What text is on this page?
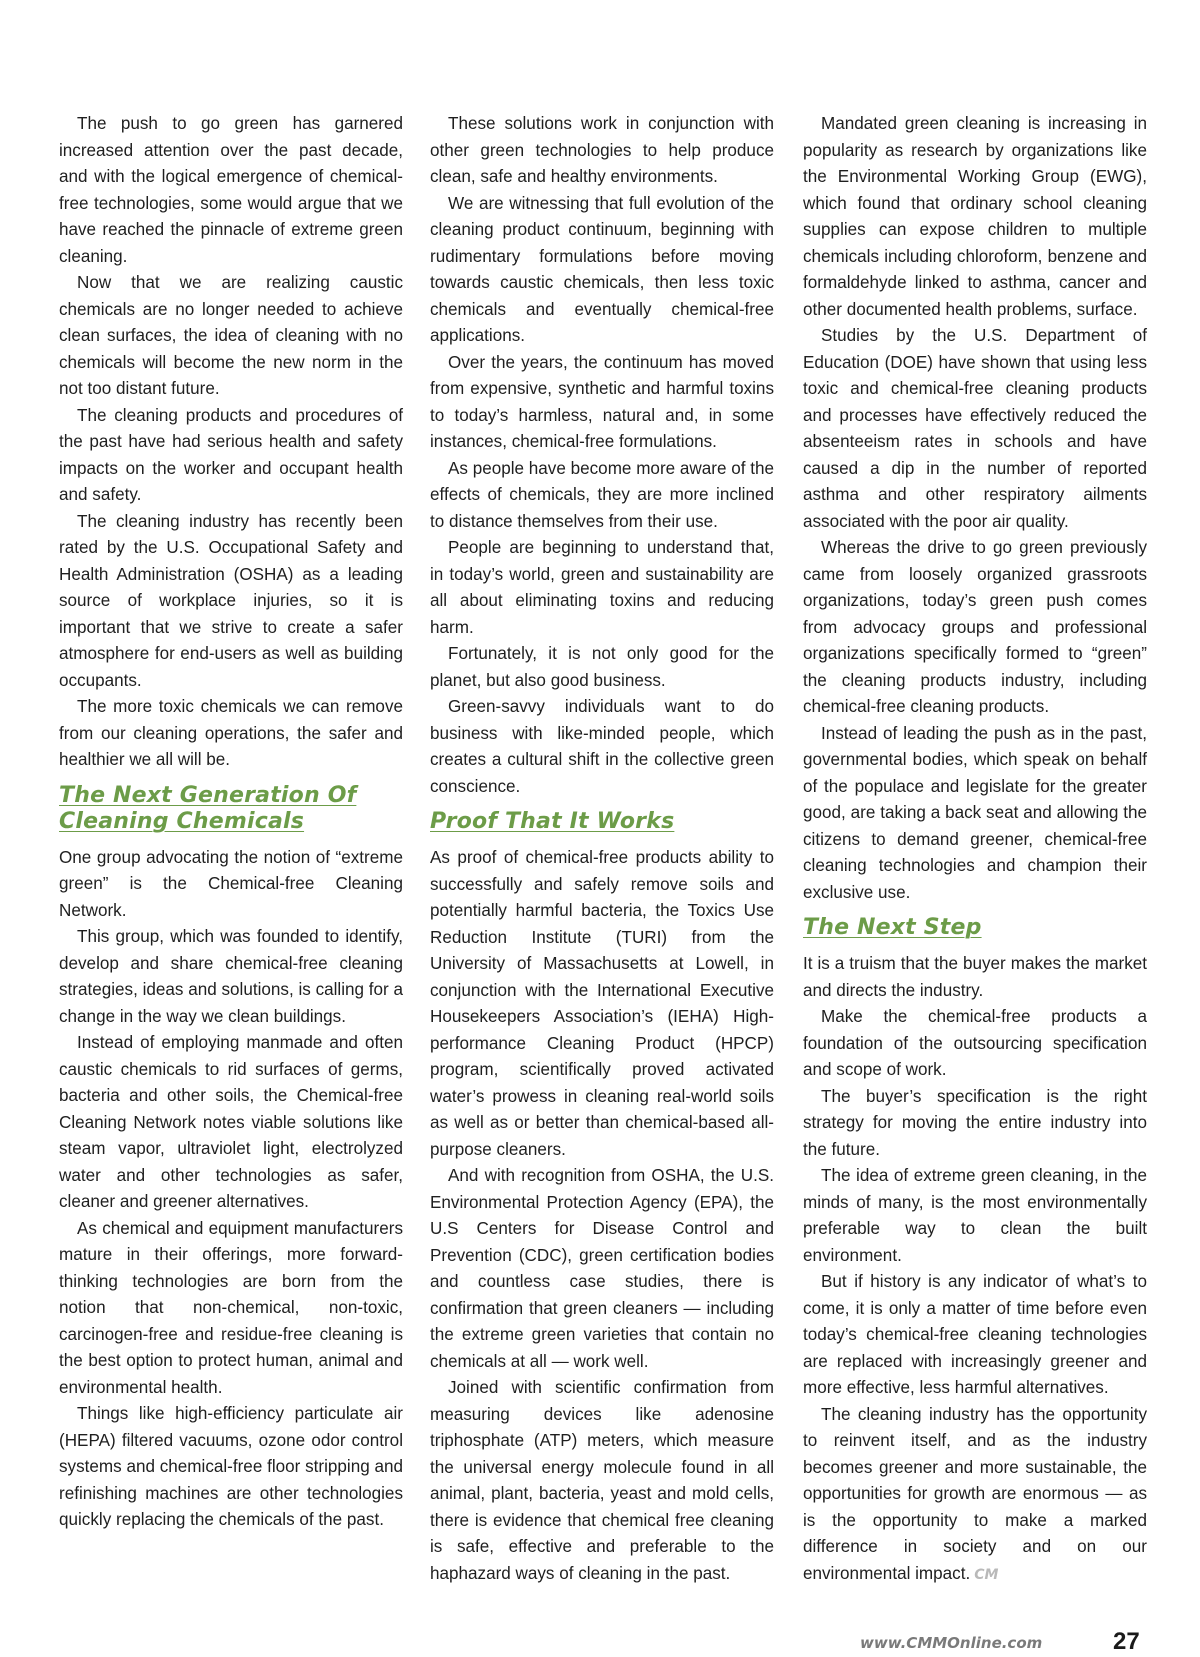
The push to go green has garnered increased attention over the past decade, and with the logical emergence of chemical-free technologies, some would argue that we have reached the pinnacle of extreme green cleaning.

Now that we are realizing caustic chemicals are no longer needed to achieve clean surfaces, the idea of cleaning with no chemicals will become the new norm in the not too distant future.

The cleaning products and procedures of the past have had serious health and safety impacts on the worker and occupant health and safety.

The cleaning industry has recently been rated by the U.S. Occupational Safety and Health Administration (OSHA) as a leading source of workplace injuries, so it is important that we strive to create a safer atmosphere for end-users as well as building occupants.

The more toxic chemicals we can remove from our cleaning operations, the safer and healthier we all will be.

The Next Generation Of Cleaning Chemicals

One group advocating the notion of “extreme green” is the Chemical-free Cleaning Network.

This group, which was founded to identify, develop and share chemical-free cleaning strategies, ideas and solutions, is calling for a change in the way we clean buildings.

Instead of employing manmade and often caustic chemicals to rid surfaces of germs, bacteria and other soils, the Chemical-free Cleaning Network notes viable solutions like steam vapor, ultraviolet light, electrolyzed water and other technologies as safer, cleaner and greener alternatives.

As chemical and equipment manufacturers mature in their offerings, more forward-thinking technologies are born from the notion that non-chemical, non-toxic, carcinogen-free and residue-free cleaning is the best option to protect human, animal and environmental health.

Things like high-efficiency particulate air (HEPA) filtered vacuums, ozone odor control systems and chemical-free floor stripping and refinishing machines are other technologies quickly replacing the chemicals of the past.

These solutions work in conjunction with other green technologies to help produce clean, safe and healthy environments.

We are witnessing that full evolution of the cleaning product continuum, beginning with rudimentary formulations before moving towards caustic chemicals, then less toxic chemicals and eventually chemical-free applications.

Over the years, the continuum has moved from expensive, synthetic and harmful toxins to today’s harmless, natural and, in some instances, chemical-free formulations.

As people have become more aware of the effects of chemicals, they are more inclined to distance themselves from their use.

People are beginning to understand that, in today’s world, green and sustainability are all about eliminating toxins and reducing harm.

Fortunately, it is not only good for the planet, but also good business.

Green-savvy individuals want to do business with like-minded people, which creates a cultural shift in the collective green conscience.

Proof That It Works

As proof of chemical-free products ability to successfully and safely remove soils and potentially harmful bacteria, the Toxics Use Reduction Institute (TURI) from the University of Massachusetts at Lowell, in conjunction with the International Executive Housekeepers Association’s (IEHA) High-performance Cleaning Product (HPCP) program, scientifically proved activated water’s prowess in cleaning real-world soils as well as or better than chemical-based all-purpose cleaners.

And with recognition from OSHA, the U.S. Environmental Protection Agency (EPA), the U.S Centers for Disease Control and Prevention (CDC), green certification bodies and countless case studies, there is confirmation that green cleaners — including the extreme green varieties that contain no chemicals at all — work well.

Joined with scientific confirmation from measuring devices like adenosine triphosphate (ATP) meters, which measure the universal energy molecule found in all animal, plant, bacteria, yeast and mold cells, there is evidence that chemical free cleaning is safe, effective and preferable to the haphazard ways of cleaning in the past.

Mandated green cleaning is increasing in popularity as research by organizations like the Environmental Working Group (EWG), which found that ordinary school cleaning supplies can expose children to multiple chemicals including chloroform, benzene and formaldehyde linked to asthma, cancer and other documented health problems, surface.

Studies by the U.S. Department of Education (DOE) have shown that using less toxic and chemical-free cleaning products and processes have effectively reduced the absenteeism rates in schools and have caused a dip in the number of reported asthma and other respiratory ailments associated with the poor air quality.

Whereas the drive to go green previously came from loosely organized grassroots organizations, today’s green push comes from advocacy groups and professional organizations specifically formed to “green” the cleaning products industry, including chemical-free cleaning products.

Instead of leading the push as in the past, governmental bodies, which speak on behalf of the populace and legislate for the greater good, are taking a back seat and allowing the citizens to demand greener, chemical-free cleaning technologies and champion their exclusive use.

The Next Step

It is a truism that the buyer makes the market and directs the industry.

Make the chemical-free products a foundation of the outsourcing specification and scope of work.

The buyer’s specification is the right strategy for moving the entire industry into the future.

The idea of extreme green cleaning, in the minds of many, is the most environmentally preferable way to clean the built environment.

But if history is any indicator of what’s to come, it is only a matter of time before even today’s chemical-free cleaning technologies are replaced with increasingly greener and more effective, less harmful alternatives.

The cleaning industry has the opportunity to reinvent itself, and as the industry becomes greener and more sustainable, the opportunities for growth are enormous — as is the opportunity to make a marked difference in society and on our environmental impact. CM

www.CMMOnline.com	27
